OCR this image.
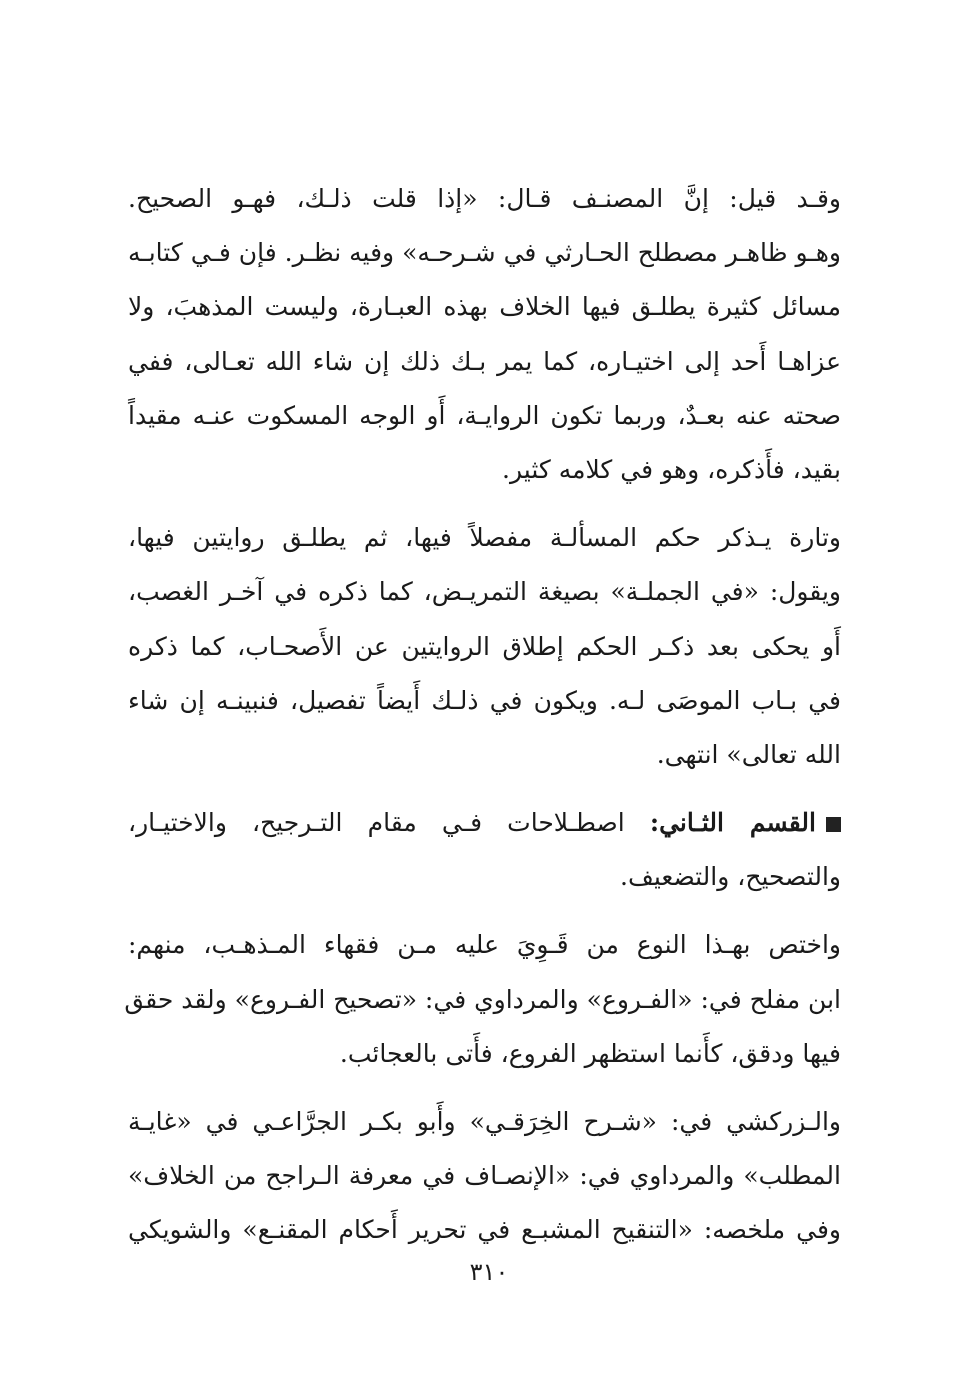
وقـد قيل: إنَّ المصنـف قـال: «إذا قلت ذلـك، فهـو الصحيح.
وهـو ظاهـر مصطلح الحـارثي في شـرحـه» وفيه نظـر. فإن فـي كتابـه
مسائل كثيرة يطلـق فيها الخلاف بهذه العبـارة، وليست المذهبَ، ولا
عزاهـا أَحد إلى اختيـاره، كما يمر بـك ذلك إن شاء الله تعـالى، ففي
صحته عنه بعـدٌ، وربما تكون الروايـة، أَو الوجه المسكوت عنـه مقيداً
بقيد، فأَذكره، وهو في كلامه كثير.
وتارة يـذكر حكم المسألـة مفصلاً فيها، ثم يطلـق روايتين فيها،
ويقول: «في الجملـة» بصيغة التمريـض، كما ذكره في آخـر الغصب،
أَو يحكى بعد ذكـر الحكم إطلاق الروايتين عن الأَصحـاب، كما ذكره
في بـاب الموصَى لـه. ويكون في ذلـك أَيضاً تفصيل، فنبينـه إن شاء
الله تعالى» انتهى.
القسم الثـاني: اصطـلاحات فـي مقام التـرجيح، والاختيـار،
والتصحيح، والتضعيف.
واختص بهـذا النوع من قَـوِيَ عليه مـن فقهاء المـذهـب، منهم:
ابن مفلح في: «الفـروع» والمرداوي في: «تصحيح الفـروع» ولقد حقق
فيها ودقق، كأَنما استظهر الفروع، فأَتى بالعجائب.
والـزركشي في: «شـرح الخِرَقـي» وأَبو بكـر الجرَّاعـي في «غايـة
المطلب» والمرداوي في: «الإنصـاف في معرفة الـراجح من الخلاف»
وفي ملخصه: «التنقيح المشبـع في تحرير أَحكام المقنـع» والشويكي
٣١٠
